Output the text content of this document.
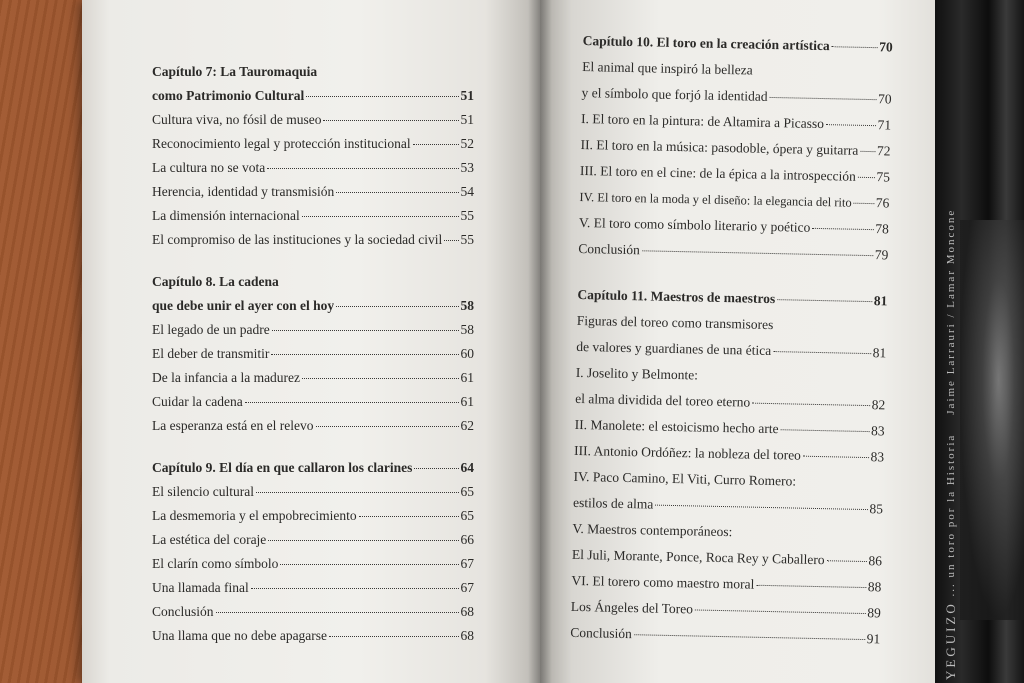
YEGUIZO ... un toro por la Historia    Jaime Larrauri / Lamar Moncone
Capítulo 7: La Tauromaquia
como Patrimonio Cultural	51
Cultura viva, no fósil de museo	51
Reconocimiento legal y protección institucional	52
La cultura no se vota	53
Herencia, identidad y transmisión	54
La dimensión internacional	55
El compromiso de las instituciones y la sociedad civil 55
Capítulo 8. La cadena
que debe unir el ayer con el hoy	58
El legado de un padre	58
El deber de transmitir	60
De la infancia a la madurez	61
Cuidar la cadena	61
La esperanza está en el relevo	62
Capítulo 9. El día en que callaron los clarines	64
El silencio cultural	65
La desmemoria y el empobrecimiento	65
La estética del coraje	66
El clarín como símbolo	67
Una llamada final	67
Conclusión	68
Una llama que no debe apagarse	68
Capítulo 10. El toro en la creación artística	70
El animal que inspiró la belleza
y el símbolo que forjó la identidad	70
I. El toro en la pintura: de Altamira a Picasso	71
II. El toro en la música: pasodoble, ópera y guitarra 72
III. El toro en el cine: de la épica a la introspección 75
IV. El toro en la moda y el diseño: la elegancia del rito 76
V. El toro como símbolo literario y poético	78
Conclusión	79
Capítulo 11. Maestros de maestros	81
Figuras del toreo como transmisores
de valores y guardianes de una ética	81
I. Joselito y Belmonte:
el alma dividida del toreo eterno	82
II. Manolete: el estoicismo hecho arte	83
III. Antonio Ordóñez: la nobleza del toreo	83
IV. Paco Camino, El Viti, Curro Romero:
estilos de alma	85
V. Maestros contemporáneos:
El Juli, Morante, Ponce, Roca Rey y Caballero	86
VI. El torero como maestro moral	88
Los Ángeles del Toreo	89
Conclusión	91
